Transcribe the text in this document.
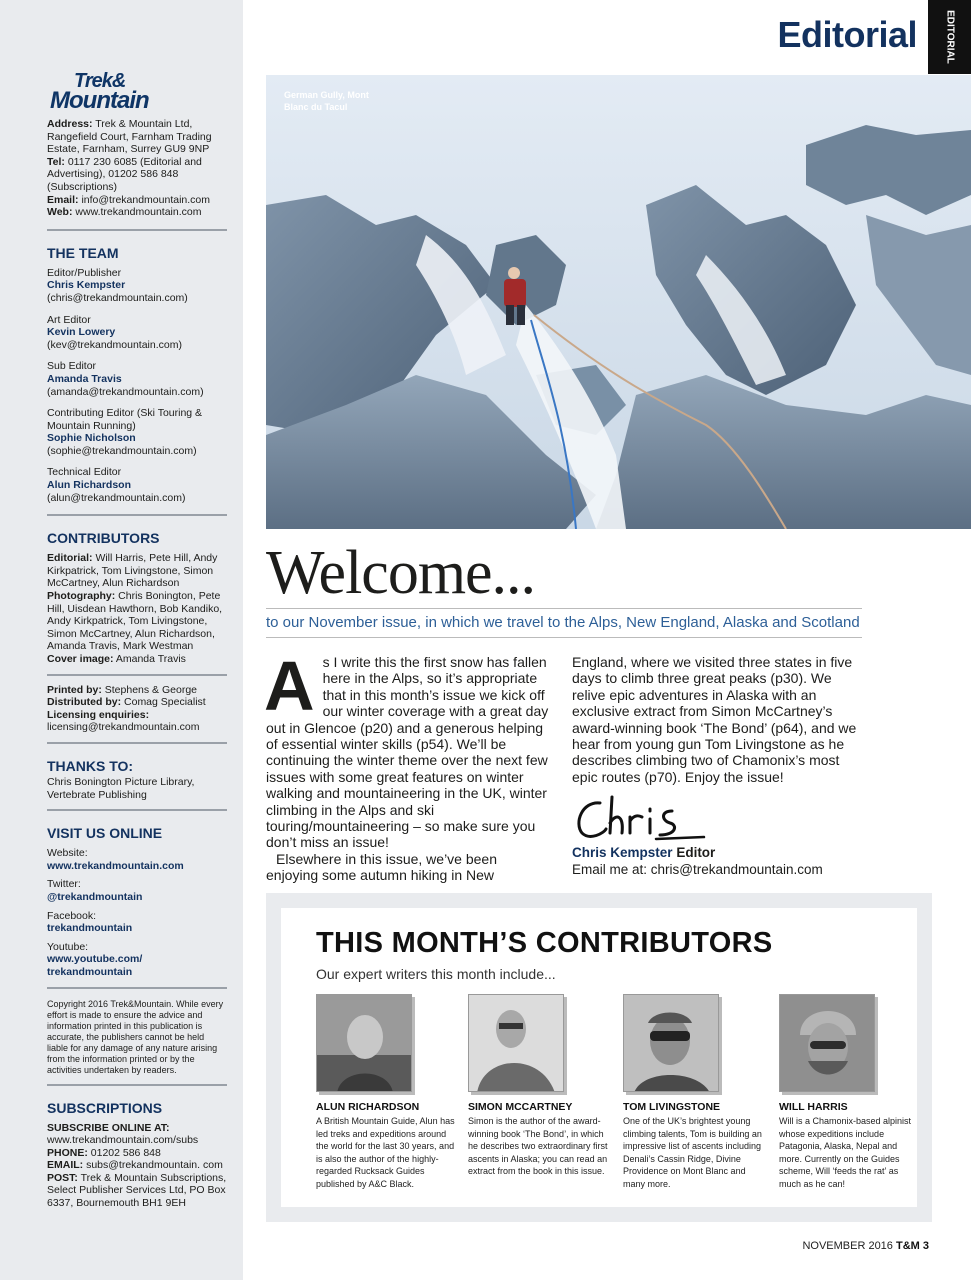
Trek&
Mountain
Address: Trek & Mountain Ltd, Rangefield Court, Farnham Trading Estate, Farnham, Surrey GU9 9NP
Tel: 0117 230 6085 (Editorial and Advertising), 01202 586 848 (Subscriptions)
Email: info@trekandmountain.com
Web: www.trekandmountain.com
THE TEAM
Editor/Publisher
Chris Kempster
(chris@trekandmountain.com)
Art Editor
Kevin Lowery
(kev@trekandmountain.com)
Sub Editor
Amanda Travis
(amanda@trekandmountain.com)
Contributing Editor (Ski Touring & Mountain Running)
Sophie Nicholson
(sophie@trekandmountain.com)
Technical Editor
Alun Richardson
(alun@trekandmountain.com)
CONTRIBUTORS
Editorial: Will Harris, Pete Hill, Andy Kirkpatrick, Tom Livingstone, Simon McCartney, Alun Richardson
Photography: Chris Bonington, Pete Hill, Uisdean Hawthorn, Bob Kandiko, Andy Kirkpatrick, Tom Livingstone, Simon McCartney, Alun Richardson, Amanda Travis, Mark Westman
Cover image: Amanda Travis
Printed by: Stephens & George
Distributed by: Comag Specialist
Licensing enquiries:
licensing@trekandmountain.com
THANKS TO:
Chris Bonington Picture Library, Vertebrate Publishing
VISIT US ONLINE
Website:
www.trekandmountain.com
Twitter:
@trekandmountain
Facebook:
trekandmountain
Youtube:
www.youtube.com/ trekandmountain
Copyright 2016 Trek&Mountain. While every effort is made to ensure the advice and information printed in this publication is accurate, the publishers cannot be held liable for any damage of any nature arising from the information printed or by the activities undertaken by readers.
SUBSCRIPTIONS
SUBSCRIBE ONLINE AT:
www.trekandmountain.com/subs
PHONE: 01202 586 848
EMAIL: subs@trekandmountain. com
POST: Trek & Mountain Subscriptions, Select Publisher Services Ltd, PO Box 6337, Bournemouth BH1 9EH
EDITORIAL
Editorial
German Gully, Mont Blanc du Tacul
Welcome...
to our November issue, in which we travel to the Alps, New England, Alaska and Scotland
A s I write this the first snow has fallen here in the Alps, so it’s appropriate that in this month’s issue we kick off our winter coverage with a great day out in Glencoe (p20) and a generous helping of essential winter skills (p54). We’ll be continuing the winter theme over the next few issues with some great features on winter walking and mountaineering in the UK, winter climbing in the Alps and ski touring/mountaineering – so make sure you don’t miss an issue!
Elsewhere in this issue, we’ve been enjoying some autumn hiking in New
England, where we visited three states in five days to climb three great peaks (p30). We relive epic adventures in Alaska with an exclusive extract from Simon McCartney’s award-winning book ‘The Bond’ (p64), and we hear from young gun Tom Livingstone as he describes climbing two of Chamonix’s most epic routes (p70). Enjoy the issue!
Chris Kempster Editor
Email me at: chris@trekandmountain.com
THIS MONTH’S CONTRIBUTORS
Our expert writers this month include...
ALUN RICHARDSON
A British Mountain Guide, Alun has led treks and expeditions around the world for the last 30 years, and is also the author of the highly-regarded Rucksack Guides published by A&C Black.
SIMON MCCARTNEY
Simon is the author of the award-winning book ‘The Bond’, in which he describes two extraordinary first ascents in Alaska; you can read an extract from the book in this issue.
TOM LIVINGSTONE
One of the UK’s brightest young climbing talents, Tom is building an impressive list of ascents including Denali’s Cassin Ridge, Divine Providence on Mont Blanc and many more.
WILL HARRIS
Will is a Chamonix-based alpinist whose expeditions include Patagonia, Alaska, Nepal and more. Currently on the Guides scheme, Will ‘feeds the rat’ as much as he can!
NOVEMBER 2016 T&M 3
